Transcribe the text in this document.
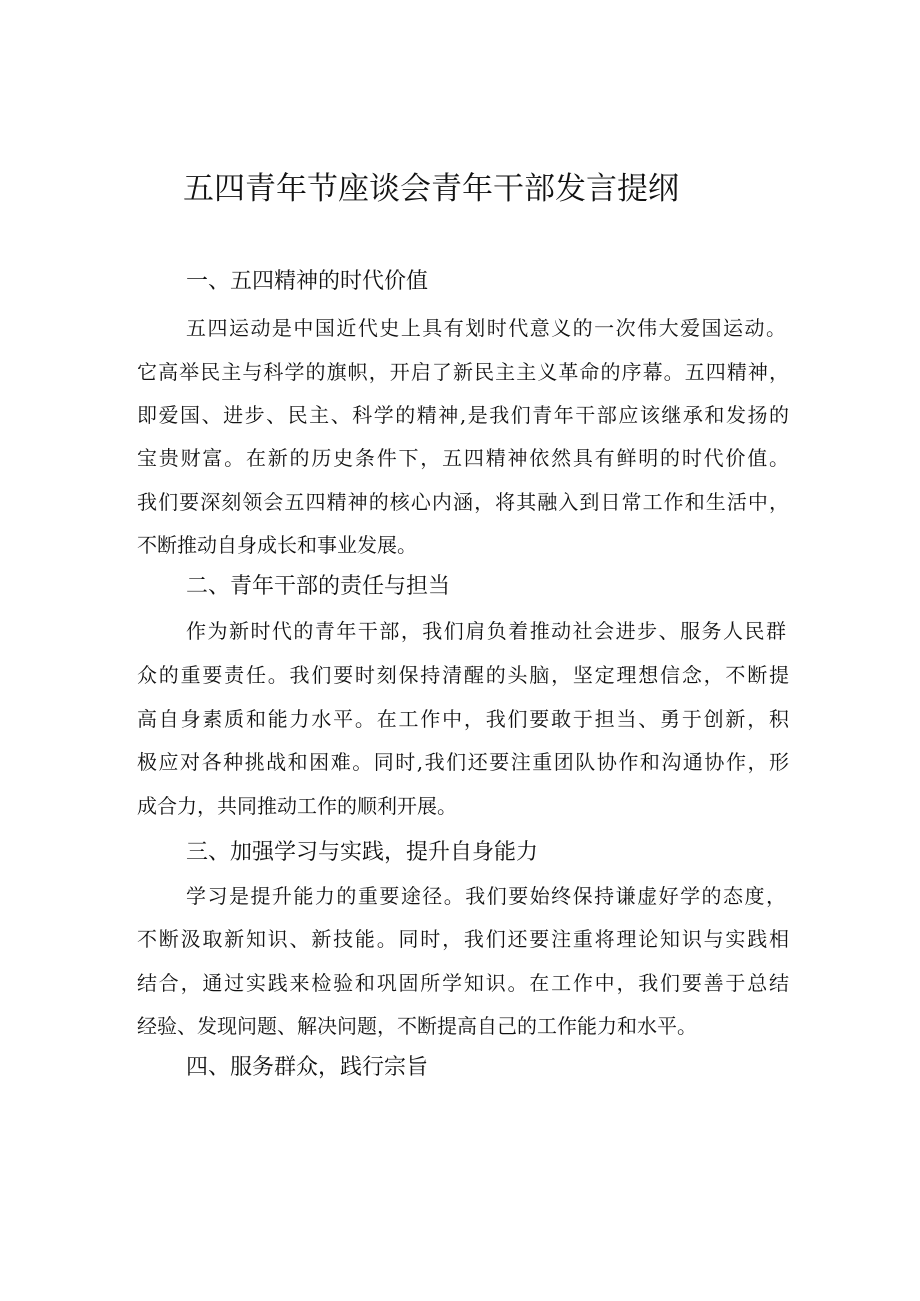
五四青年节座谈会青年干部发言提纲
一、五四精神的时代价值

五四运动是中国近代史上具有划时代意义的一次伟大爱国运动。

它高举民主与科学的旗帜，开启了新民主主义革命的序幕。五四精神，

即爱国、进步、民主、科学的精神,是我们青年干部应该继承和发扬的

宝贵财富。在新的历史条件下，五四精神依然具有鲜明的时代价值。

我们要深刻领会五四精神的核心内涵，将其融入到日常工作和生活中，

不断推动自身成长和事业发展。

二、青年干部的责任与担当

作为新时代的青年干部，我们肩负着推动社会进步、服务人民群

众的重要责任。我们要时刻保持清醒的头脑，坚定理想信念，不断提

高自身素质和能力水平。在工作中，我们要敢于担当、勇于创新，积

极应对各种挑战和困难。同时,我们还要注重团队协作和沟通协作，形

成合力，共同推动工作的顺利开展。

三、加强学习与实践，提升自身能力

学习是提升能力的重要途径。我们要始终保持谦虚好学的态度，

不断汲取新知识、新技能。同时，我们还要注重将理论知识与实践相

结合，通过实践来检验和巩固所学知识。在工作中，我们要善于总结

经验、发现问题、解决问题，不断提高自己的工作能力和水平。

四、服务群众，践行宗旨
